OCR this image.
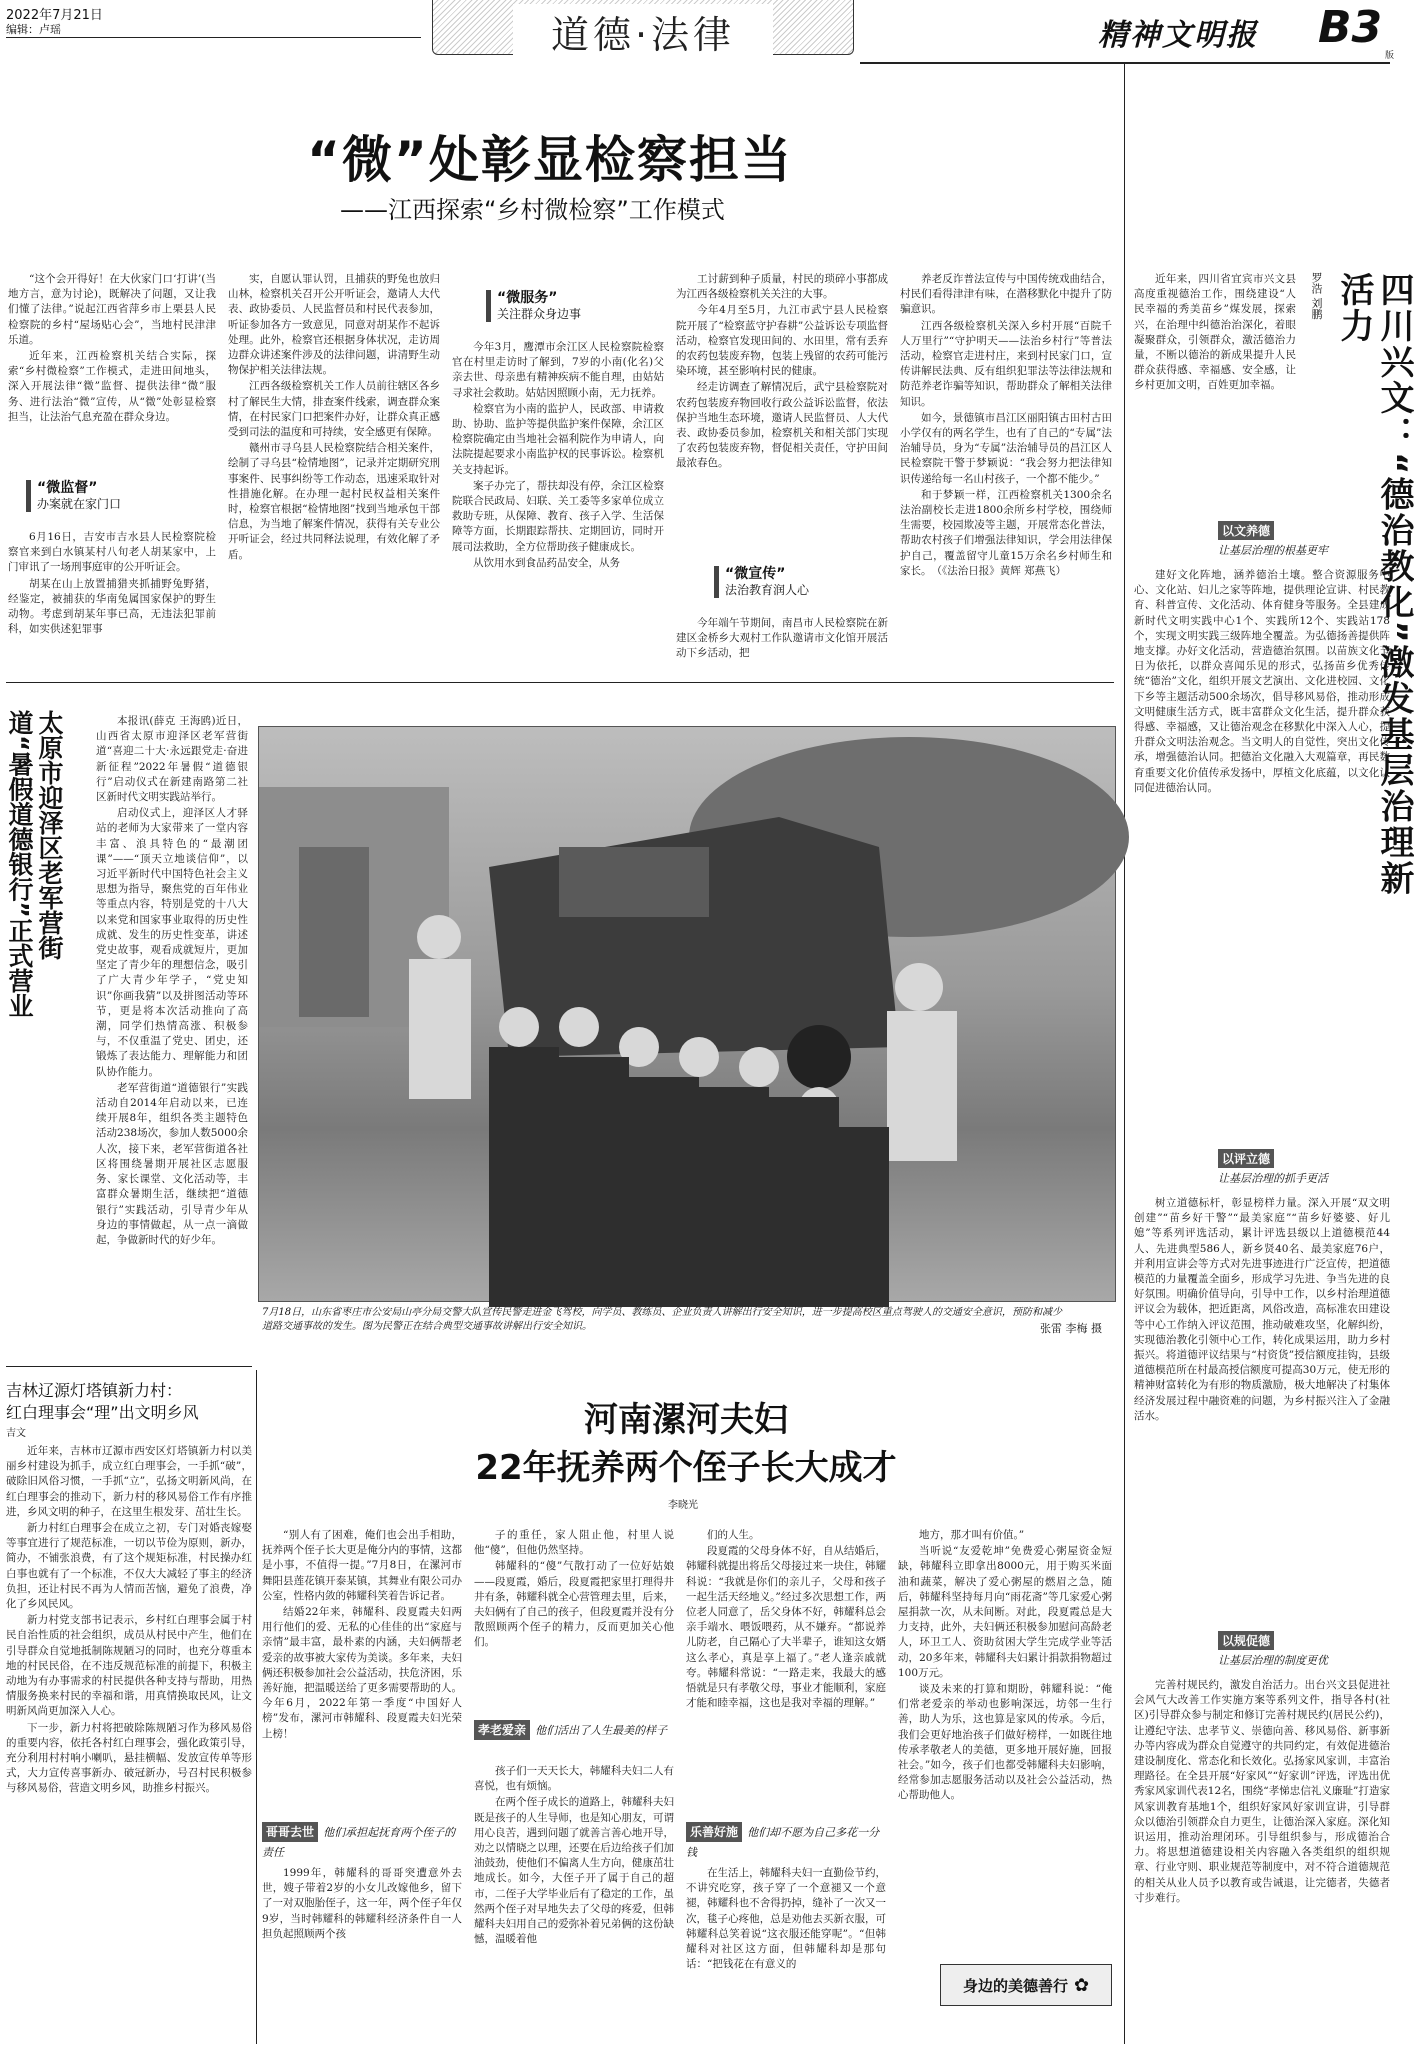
2022年7月21日
编辑：卢瑶	道德·法律	精神文明报 B3
版
“微”处彰显检察担当
——江西探索“乡村微检察”工作模式

“这个会开得好！在大伙家门口‘打讲’(当地方言，意为讨论)，既解决了问题，又让我们懂了法律。”说起江西省萍乡市上栗县人民检察院的乡村“屋场贴心会”，当地村民津津乐道。

近年来，江西检察机关结合实际，探索“乡村微检察”工作模式，走进田间地头，深入开展法律“微”监督、提供法律“微”服务、进行法治“微”宣传，从“微”处彰显检察担当，让法治气息充盈在群众身边。

“微监督”
办案就在家门口

6月16日，吉安市吉水县人民检察院检察官来到白水镇某村八旬老人胡某家中，上门审讯了一场刑事庭审的公开听证会。

胡某在山上放置捕猎夹抓捕野兔野猪，经鉴定，被捕获的华南兔属国家保护的野生动物。考虑到胡某年事已高，无违法犯罪前科，如实供述犯罪事

实，自愿认罪认罚，且捕获的野兔也放归山林，检察机关召开公开听证会，邀请人大代表、政协委员、人民监督员和村民代表参加，听证参加各方一致意见，同意对胡某作不起诉处理。此外，检察官还根据身体状况，走访周边群众讲述案件涉及的法律问题，讲清野生动物保护相关法律法规。

江西各级检察机关工作人员前往辖区各乡村了解民生大情，排查案件线索，调查群众案情，在村民家门口把案件办好，让群众真正感受到司法的温度和可持续，安全感更有保障。

赣州市寻乌县人民检察院结合相关案件，绘制了寻乌县“检情地图”，记录并定期研究刑事案件、民事纠纷等工作动态，迅速采取针对性措施化解。在办理一起村民权益相关案件时，检察官根据“检情地图”找到当地承包干部信息，为当地了解案件情况，获得有关专业公开听证会，经过共同释法说理，有效化解了矛盾。

“微服务”
关注群众身边事

今年3月，鹰潭市余江区人民检察院检察官在村里走访时了解到，7岁的小南(化名)父亲去世、母亲患有精神疾病不能自理，由姑姑寻求社会救助。姑姑因照顾小南，无力抚养。

检察官为小南的监护人，民政部、申请救助、协助、监护等提供监护案件保障，余江区检察院确定由当地社会福利院作为申请人，向法院提起要求小南监护权的民事诉讼。检察机关支持起诉。

案子办完了，帮扶却没有停，余江区检察院联合民政局、妇联、关工委等多家单位成立救助专班，从保障、教育、孩子入学、生活保障等方面，长期跟踪帮扶、定期回访，同时开展司法救助，全方位帮助孩子健康成长。

从饮用水到食品药品安全，从务

工讨薪到种子质量，村民的琐碎小事都成为江西各级检察机关关注的大事。

今年4月至5月，九江市武宁县人民检察院开展了“检察蓝守护春耕”公益诉讼专项监督活动，检察官发现田间的、水田里，常有丢弃的农药包装废弃物，包装上残留的农药可能污染环境，甚至影响村民的健康。

经走访调查了解情况后，武宁县检察院对农药包装废弃物回收行政公益诉讼监督，依法保护当地生态环境，邀请人民监督员、人大代表、政协委员参加，检察机关和相关部门实现了农药包装废弃物，督促相关责任，守护田间最浓春色。

“微宣传”
法治教育润人心

今年端午节期间，南昌市人民检察院在新建区金桥乡大观村工作队邀请市文化馆开展活动下乡活动，把

养老反诈普法宣传与中国传统戏曲结合，村民们看得津津有味，在潜移默化中提升了防骗意识。

江西各级检察机关深入乡村开展“百院千人万里行”“守护明天——法治乡村行”等普法活动，检察官走进村庄，来到村民家门口，宣传讲解民法典、反有组织犯罪法等法律法规和防范养老诈骗等知识，帮助群众了解相关法律知识。

如今，景德镇市昌江区丽阳镇古田村古田小学仅有的两名学生，也有了自己的“专属”法治辅导员，身为“专属”法治辅导员的昌江区人民检察院干警于梦颖说：“我会努力把法律知识传递给每一名山村孩子，一个都不能少。”

和于梦颖一样，江西检察机关1300余名法治副校长走进1800余所乡村学校，围绕师生需要，校园欺凌等主题，开展常态化普法，帮助农村孩子们增强法律知识，学会用法律保护自己，覆盖留守儿童15万余名乡村师生和家长。　（《法治日报》黄辉 郑燕飞）	四川兴文：“德治教化”激发基层治理新活力
罗浩 刘鹏

近年来，四川省宜宾市兴文县高度重视德治工作，围绕建设“人民幸福的秀美苗乡”煤发展，探索兴，在治理中纠德治治深化，着眼凝聚群众，引领群众，激活德治力量，不断以德治的新成果提升人民群众获得感、幸福感、安全感，让乡村更加文明，百姓更加幸福。

以文养德
让基层治理的根基更牢

建好文化阵地，涵养德治土壤。整合资源服务中心、文化站、妇儿之家等阵地，提供理论宣讲、村民教育、科普宣传、文化活动、体育健身等服务。全县建成新时代文明实践中心1个、实践所12个、实践站178个，实现文明实践三级阵地全覆盖。为弘德扬善提供阵地支撑。办好文化活动，营造德治氛围。以苗族文化节日为依托，以群众喜闻乐见的形式，弘扬苗乡优秀传统“德治”文化，组织开展文艺演出、文化进校园、文化下乡等主题活动500余场次，倡导移风易俗，推动形成文明健康生活方式，既丰富群众文化生活，提升群众获得感、幸福感，又让德治观念在移默化中深入人心，提升群众文明法治观念。当文明人的自觉性，突出文化传承，增强德治认同。把德治文化融入大观篇章，再民数育重要文化价值传承发扬中，厚植文化底蕴，以文化认同促进德治认同。

以评立德
让基层治理的抓手更活

树立道德标杆，彰显榜样力量。深入开展“双文明创建”“苗乡好干警”“最美家庭”“苗乡好婆婆、好儿媳”等系列评选活动，累计评选县级以上道德模范44人、先进典型586人，新乡贤40名、最美家庭76户，并利用宣讲会等方式对先进事迹进行广泛宣传，把道德模范的力量覆盖全面乡，形成学习先进、争当先进的良好氛围。明确价值导向，引导中工作，以乡村治理道德评议会为载体，把近距离，风俗改造，高标准农田建设等中心工作纳入评议范围，推动破难攻坚，化解纠纷，实现德治教化引领中心工作，转化成果运用，助力乡村振兴。将道德评议结果与“村资货”授信额度挂钩，县级道德模范所在村最高授信额度可提高30万元，使无形的精神财富转化为有形的物质激励，极大地解决了村集体经济发展过程中融资难的问题，为乡村振兴注入了金融活水。

以规促德
让基层治理的制度更优

完善村规民约，激发自治活力。出台兴文县促进社会风气大改善工作实施方案等系列文件，指导各村(社区)引导群众参与制定和修订完善村规民约(居民公约)，让遵纪守法、忠孝节义、崇德向善、移风易俗、新事新办等内容成为群众自觉遵守的共同约定，有效促进德治建设制度化、常态化和长效化。弘扬家风家训，丰富治理路径。在全县开展“好家风”“好家训”评选，评选出优秀家风家训代表12名，围绕“孝悌忠信礼义廉耻”打造家风家训教育基地1个，组织好家风好家训宣讲，引导群众以德治引领群众自力更生，让德治深入家庭。深化知识运用，推动治理闭环。引导组织参与，形成德治合力。将思想道德建设相关内容融入各类组织的组织规章、行业守则、职业规范等制度中，对不符合道德规范的相关从业人员予以教育或告诫退，让完德者，失德者寸步难行。

太原市迎泽区老军营街道“暑假道德银行”正式营业	本报讯(薛克 王海鸥)近日，山西省太原市迎泽区老军营街道“喜迎二十大·永远跟党走·奋进新征程”2022年暑假“道德银行”启动仪式在新建南路第二社区新时代文明实践站举行。

启动仪式上，迎泽区人才驿站的老师为大家带来了一堂内容丰富、浪具特色的“最潮团课”——“顶天立地谈信仰”，以习近平新时代中国特色社会主义思想为指导，聚焦党的百年伟业等重点内容，特别是党的十八大以来党和国家事业取得的历史性成就、发生的历史性变革，讲述党史故事，观看成就短片，更加坚定了青少年的理想信念，吸引了广大青少年学子，“党史知识”你画我猜”以及拼图活动等环节，更是将本次活动推向了高潮，同学们热情高涨、积极参与，不仅重温了党史、团史，还锻炼了表达能力、理解能力和团队协作能力。

老军营街道“道德银行”实践活动自2014年启动以来，已连续开展8年，组织各类主题特色活动238场次，参加人数5000余人次，接下来，老军营街道各社区将围绕暑期开展社区志愿服务、家长课堂、文化活动等，丰富群众暑期生活，继续把“道德银行”实践活动，引导青少年从身边的事情做起，从一点一滴做起，争做新时代的好少年。

7月18日，山东省枣庄市公安局山亭分局交警大队宣传民警走进金飞驾校，向学员、教练员、企业负责人讲解出行安全知识，进一步提高校区重点驾驶人的交通安全意识，预防和减少道路交通事故的发生。图为民警正在结合典型交通事故讲解出行安全知识。	张雷 李梅 摄
吉林辽源灯塔镇新力村：
红白理事会“理”出文明乡风
吉文

近年来，吉林市辽源市西安区灯塔镇新力村以美丽乡村建设为抓手，成立红白理事会，一手抓“破”，破除旧风俗习惯，一手抓“立”，弘扬文明新风尚，在红白理事会的推动下，新力村的移风易俗工作有序推进，乡风文明的种子，在这里生根发芽、茁壮生长。

新力村红白理事会在成立之初，专门对婚丧嫁娶等事宜进行了规范标准，一切以节俭为原则，新办，简办，不铺张浪费，有了这个规矩标准，村民操办红白事也就有了一个标准，不仅大大减轻了事主的经济负担，还让村民不再为人情而苦恼，避免了浪费，净化了乡风民风。

新力村党支部书记表示，乡村红白理事会属于村民自治性质的社会组织，成员从村民中产生，他们在引导群众自觉地抵制陈规陋习的同时，也充分尊重本地的村民民俗，在不违反规范标准的前提下，积极主动地为有办事需求的村民提供各种支持与帮助，用热情服务换来村民的幸福和谐，用真情换取民风，让文明新风尚更加深入人心。

下一步，新力村将把破除陈规陋习作为移风易俗的重要内容，依托各村红白理事会，强化政策引导，充分利用村村响小喇叭，悬挂横幅、发放宣传单等形式，大力宣传喜事新办、破冠新办，号召村民积极参与移风易俗，营造文明乡风，助推乡村振兴。

河南漯河夫妇
22年抚养两个侄子长大成才
李晓光

“别人有了困难，俺们也会出手相助，抚养两个侄子长大更是俺分内的事情，这都是小事，不值得一提。”7月8日，在漯河市舞阳县莲花镇开泰某镇，其舞业有限公司办公室，性格内敛的韩耀科笑着告诉记者。

结婚22年来，韩耀科、段夏霞夫妇两用行他们的爱、无私的心佳佳的出“家庭与亲情”最丰富，最朴素的内涵，夫妇俩帮老爱亲的故事被大家传为美谈。多年来，夫妇俩还积极参加社会公益活动，扶危济困，乐善好施，把温暖送给了更多需要帮助的人。今年6月，2022年第一季度“中国好人榜”发布，漯河市韩耀科、段夏霞夫妇光荣上榜！

哥哥去世 他们承担起抚育两个侄子的责任

1999年，韩耀科的哥哥突遭意外去世，嫂子带着2岁的小女儿改嫁他乡，留下了一对双胞胎侄子，这一年，两个侄子年仅9岁，当时韩耀科的韩耀科经济条件自一人担负起照顾两个孩

子的重任，家人阻止他，村里人说他“傻”，但他仍然坚持。

韩耀科的“傻”气散打动了一位好姑娘——段夏霞，婚后，段夏霞把家里打理得井井有条，韩耀科就全心营管理去里，后来，夫妇俩有了自己的孩子，但段夏霞并没有分散照顾两个侄子的精力，反而更加关心他们。

孝老爱亲 他们活出了人生最美的样子

孩子们一天天长大，韩耀科夫妇二人有喜悦，也有烦恼。

在两个侄子成长的道路上，韩耀科夫妇既是孩子的人生导师，也是知心朋友，可谓用心良苦，遇到问题了就善言善心地开导，劝之以情晓之以理，还要在后边给孩子们加油鼓劲，使他们不偏离人生方向，健康茁壮地成长。如今，大侄子开了属于自己的超市，二侄子大学毕业后有了稳定的工作，虽然两个侄子对早地失去了父母的疼爱，但韩耀科夫妇用自己的爱弥补着兄弟俩的这份缺憾，温暖着他

们的人生。

段夏霞的父母身体不好，自从结婚后，韩耀科就提出将岳父母接过来一块住，韩耀科说：“我就是你们的亲儿子，父母和孩子一起生活天经地义。”经过多次思想工作，两位老人同意了，岳父身体不好，韩耀科总会亲手端水、喂饭喂药，从不嫌弃。“都说养儿防老，自己隔心了大半辈子，谁知这女婿这么孝心，真是享上福了。”老人逢亲戚就夸。韩耀科常说：“一路走来，我最大的感悟就是只有孝敬父母，事业才能顺利，家庭才能和睦幸福，这也是我对幸福的理解。”

乐善好施 他们却不愿为自己多花一分钱

在生活上，韩耀科夫妇一直勤俭节约，不讲究吃穿，孩子穿了一个意褪又一个意褪，韩耀科也不舍得扔掉，缝补了一次又一次，毯子心疼他，总是劝他去买新衣服，可韩耀科总笑着说“这衣服还能穿呢”。“但韩耀科对社区这方面，但韩耀科却是那句话：“把钱花在有意义的

地方，那才叫有价值。”

当听说“友爱乾坤”免费爱心粥屋资金短缺，韩耀科立即拿出8000元，用于购买米面油和蔬菜，解决了爱心粥屋的燃眉之急，随后，韩耀科坚持每月向“雨花斋”等几家爱心粥屋捐款一次，从未间断。对此，段夏霞总是大力支持，此外，夫妇俩还积极参加慰问高龄老人，环卫工人、资助贫困大学生完成学业等活动，20多年来，韩耀科夫妇累计捐款捐物超过100万元。

谈及未来的打算和期盼，韩耀科说：“俺们常老爱亲的举动也影响深远，坊邻一生行善，助人为乐，这也算是家风的传承。今后，我们会更好地治孩子们做好榜样，一如既往地传承孝敬老人的美德，更多地开展好施，回报社会。”如今，孩子们也都受韩耀科夫妇影响，经常参加志愿服务活动以及社会公益活动，热心帮助他人。

身边的美德善行 ✿
